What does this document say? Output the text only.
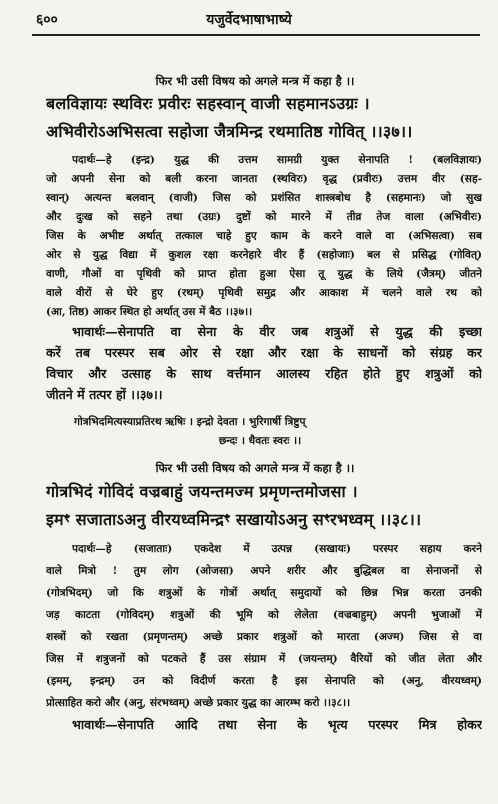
६००	यजुर्वेदभाषाभाष्ये
फिर भी उसी विषय को अगले मन्त्र में कहा है ।।
बलविज्ञायः स्थविरः प्रवीरः सहस्वान् वाजी सहमानऽउग्रः ।
अभिवीरोऽअभिसत्वा सहोजा जैत्रमिन्द्र रथमातिष्ठ गोवित् ।।३७।।
पदार्थः—हे (इन्द्र) युद्ध की उत्तम सामग्री युक्त सेनापति ! (बलविज्ञायः)
जो अपनी सेना को बली करना जानता (स्थविरः) वृद्ध (प्रवीरः) उत्तम वीर (सह-
स्वान्) अत्यन्त बलवान् (वाजी) जिस को प्रशंसित शास्त्रबोध है (सहमानः) जो सुख
और दुःख को सहने तथा (उग्रः) दुष्टों को मारने में तीव्र तेज वाला (अभिवीरः)
जिस के अभीष्ट अर्थात् तत्काल चाहे हुए काम के करने वाले वा (अभिसत्वा) सब
ओर से युद्ध विद्या में कुशल रक्षा करनेहारे वीर हैं (सहोजाः) बल से प्रसिद्ध (गोवित्)
वाणी, गौओं वा पृथिवी को प्राप्त होता हुआ ऐसा तू युद्ध के लिये (जैत्रम्) जीतने
वाले वीरों से घेरे हुए (रथम्) पृथिवी समुद्र और आकाश में चलने वाले रथ को
(आ, तिष्ठ) आकर स्थित हो अर्थात् उस में बैठ ।।३७।।
भावार्थः—सेनापति वा सेना के वीर जब शत्रुओं से युद्ध की इच्छा
करें तब परस्पर सब ओर से रक्षा और रक्षा के साधनों को संग्रह कर
विचार और उत्साह के साथ वर्त्तमान आलस्य रहित होते हुए शत्रुओं को
जीतने में तत्पर हों ।।३७।।
गोत्रभिदमित्यस्याप्रतिरथ ऋषिः । इन्द्रो देवता । भुरिगार्षी त्रिष्टुप्
छन्दः । धैवतः स्वरः ।।
फिर भी उसी विषय को अगले मन्त्र में कहा है ।।
गोत्रभिदं गोविदं वज्रबाहुं जयन्तमज्म प्रमृणन्तमोजसा ।
इमꣳ सजाताऽअनु वीरयध्वमिन्द्रꣳ सखायोऽअनु सꣳरभध्वम् ।।३८।।
पदार्थः—हे (सजाताः) एकदेश में उत्पन्न (सखायः) परस्पर सहाय करने
वाले मित्रो ! तुम लोग (ओजसा) अपने शरीर और बुद्धिबल वा सेनाजनों से
(गोत्रभिदम्) जो कि शत्रुओं के गोत्रों अर्थात् समुदायों को छिन्न भिन्न करता उनकी
जड़ काटता (गोविदम्) शत्रुओं की भूमि को लेलेता (वज्रबाहुम्) अपनी भुजाओं में
शस्त्रों को रखता (प्रमृणन्तम्) अच्छे प्रकार शत्रुओं को मारता (अज्म) जिस से वा
जिस में शत्रुजनों को पटकते हैं उस संग्राम में (जयन्तम्) वैरियों को जीत लेता और
(इमम्, इन्द्रम्) उन को विदीर्ण करता है इस सेनापति को (अनु, वीरयध्वम्)
प्रोत्साहित करो और (अनु, संरभध्वम्) अच्छे प्रकार युद्ध का आरम्भ करो ।।३८।।
भावार्थः—सेनापति आदि तथा सेना के भृत्य परस्पर मित्र होकर
